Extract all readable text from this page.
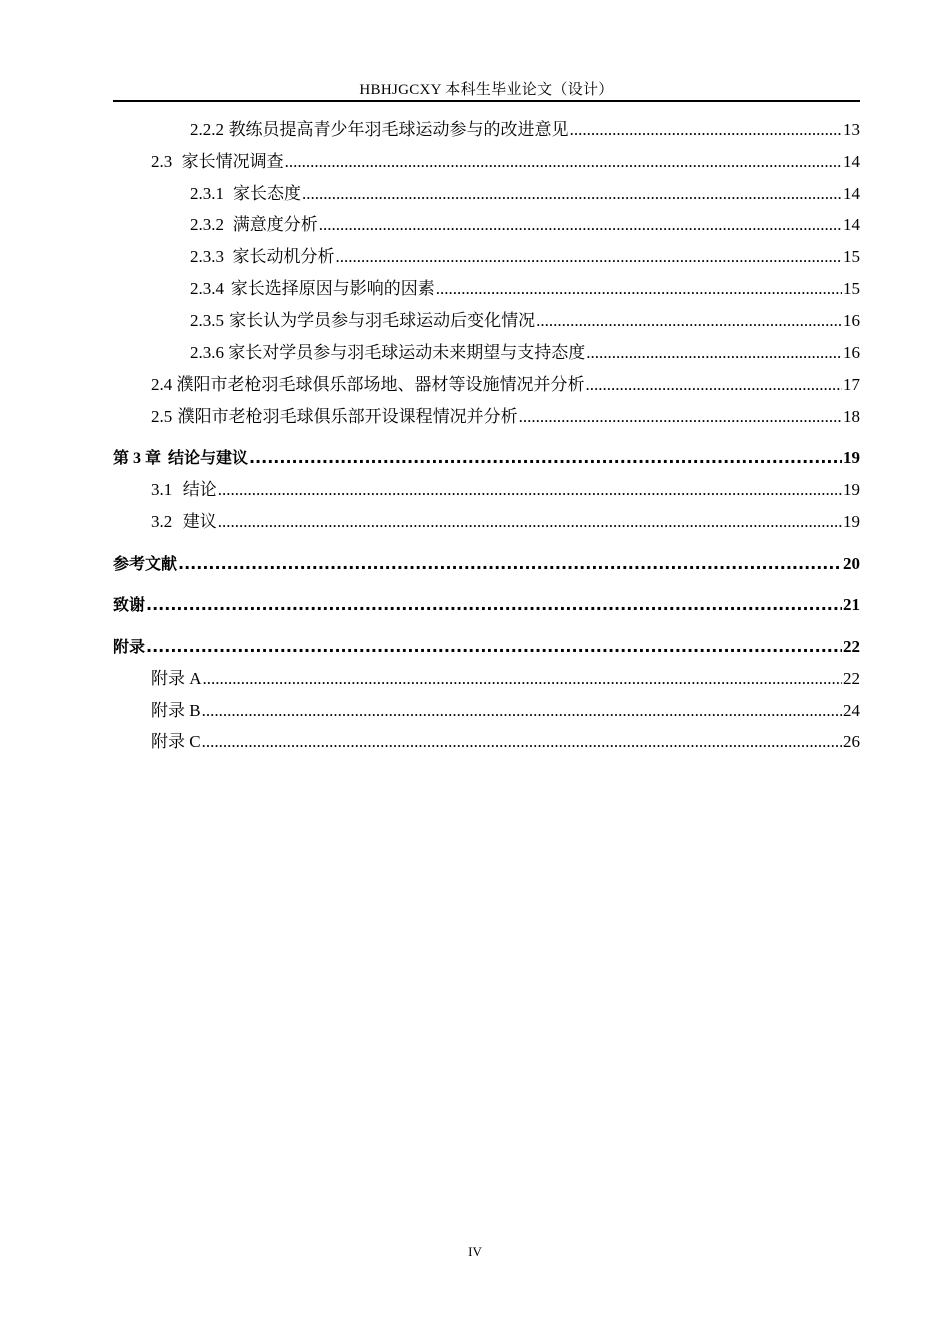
HBHJGCXY 本科生毕业论文（设计）
2.2.2 教练员提高青少年羽毛球运动参与的改进意见 .....	13
2.3 家长情况调查 .....	14
2.3.1 家长态度 .....	14
2.3.2 满意度分析 .....	14
2.3.3 家长动机分析 .....	15
2.3.4 家长选择原因与影响的因素 .....	15
2.3.5 家长认为学员参与羽毛球运动后变化情况 .....	16
2.3.6 家长对学员参与羽毛球运动未来期望与支持态度 .....	16
2.4 濮阳市老枪羽毛球俱乐部场地、器材等设施情况并分析 .....	17
2.5 濮阳市老枪羽毛球俱乐部开设课程情况并分析 .....	18
第 3 章 结论与建议 .....	19
3.1 结论 .....	19
3.2 建议 .....	19
参考文献 .....	20
致谢 .....	21
附录 .....	22
附录 A .....	22
附录 B .....	24
附录 C .....	26
IV
